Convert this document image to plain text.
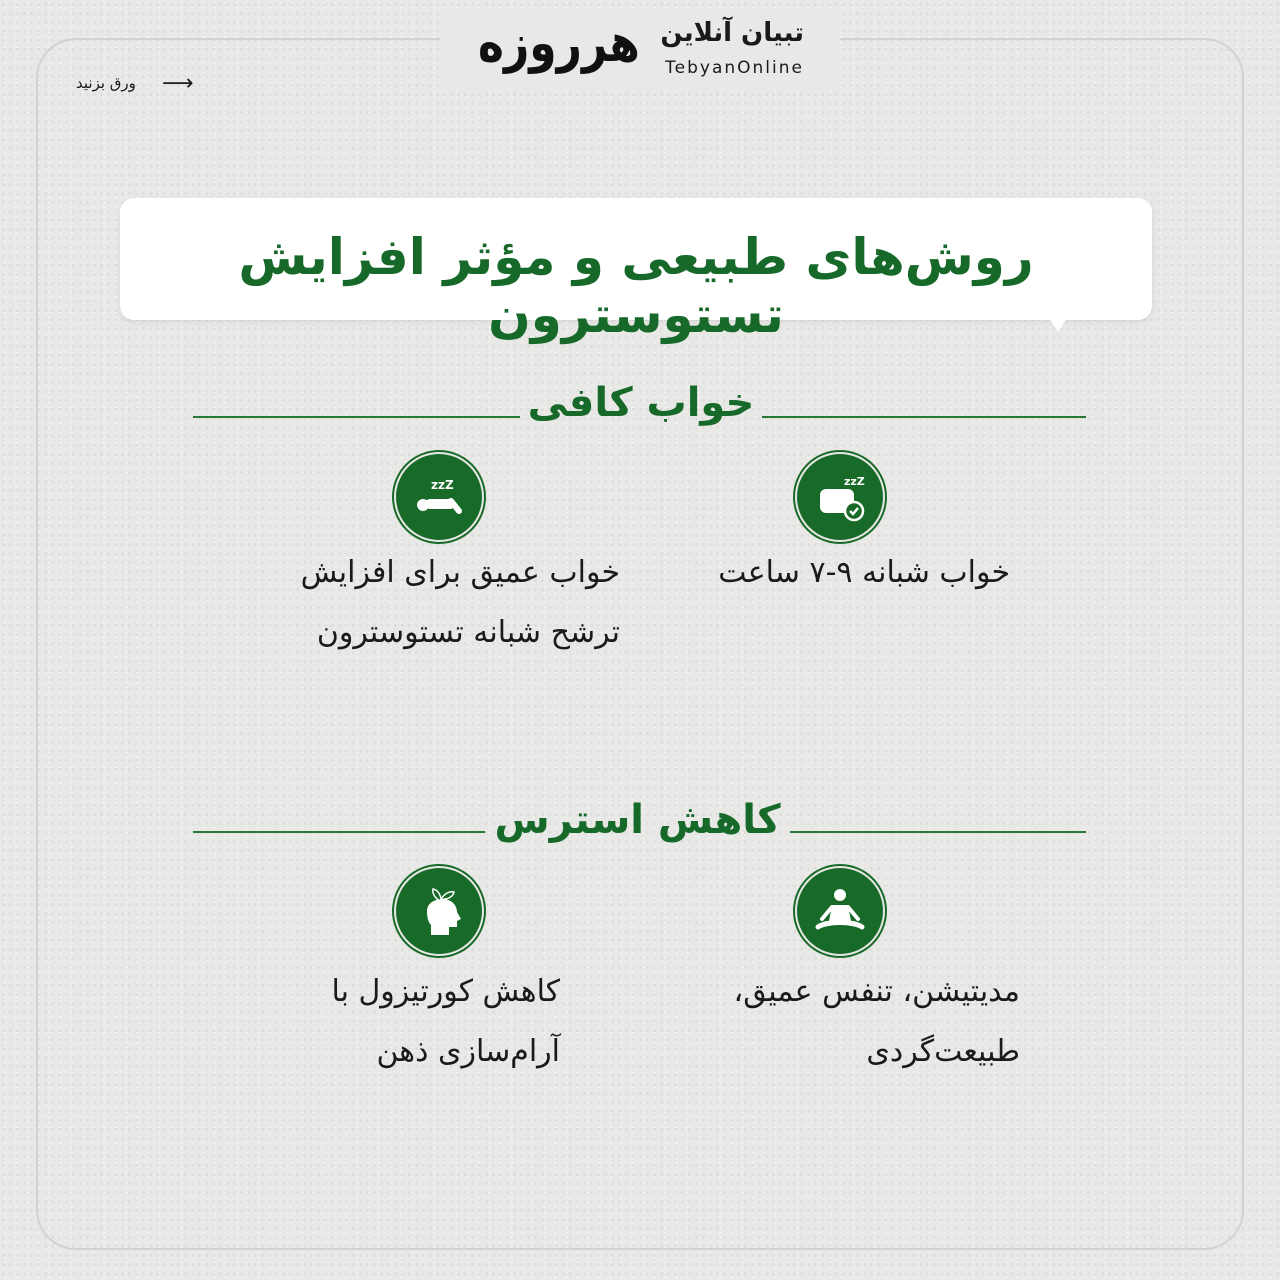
هرروزه تبیان آنلاین
TebyanOnline
ورق بزنید ⟶
روش‌های طبیعی و مؤثر افزایش تستوسترون
خواب کافی
zzZ
خواب شبانه ۹-۷ ساعت
zzZ
خواب عمیق برای افزایش ترشح شبانه تستوسترون
کاهش استرس
مدیتیشن، تنفس عمیق، طبیعت‌گردی
کاهش کورتیزول با آرام‌سازی ذهن
